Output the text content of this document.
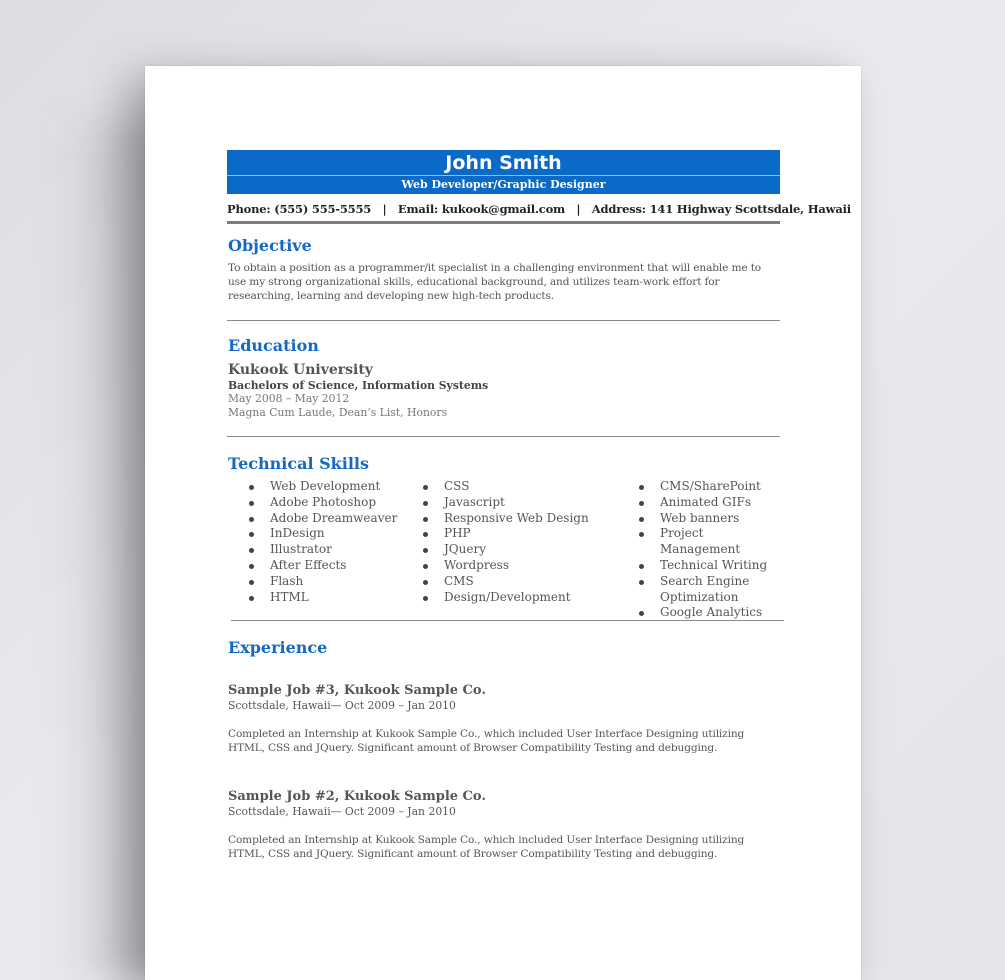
John Smith
Web Developer/Graphic Designer
Phone: (555) 555-5555   |   Email: kukook@gmail.com   |   Address: 141 Highway Scottsdale, Hawaii
Objective
To obtain a position as a programmer/it specialist in a challenging environment that will enable me to use my strong organizational skills, educational background, and utilizes team-work effort for researching, learning and developing new high-tech products.
Education
Kukook University
Bachelors of Science, Information Systems
May 2008 – May 2012
Magna Cum Laude, Dean’s List, Honors
Technical Skills
Web Development
Adobe Photoshop
Adobe Dreamweaver
InDesign
Illustrator
After Effects
Flash
HTML
CSS
Javascript
Responsive Web Design
PHP
JQuery
Wordpress
CMS
Design/Development
CMS/SharePoint
Animated GIFs
Web banners
Project Management
Technical Writing
Search Engine
Optimization
Google Analytics
Experience
Sample Job #3, Kukook Sample Co.
Scottsdale, Hawaii— Oct 2009 – Jan 2010
Completed an Internship at Kukook Sample Co., which included User Interface Designing utilizing HTML, CSS and JQuery. Significant amount of Browser Compatibility Testing and debugging.
Sample Job #2, Kukook Sample Co.
Scottsdale, Hawaii— Oct 2009 – Jan 2010
Completed an Internship at Kukook Sample Co., which included User Interface Designing utilizing HTML, CSS and JQuery. Significant amount of Browser Compatibility Testing and debugging.
